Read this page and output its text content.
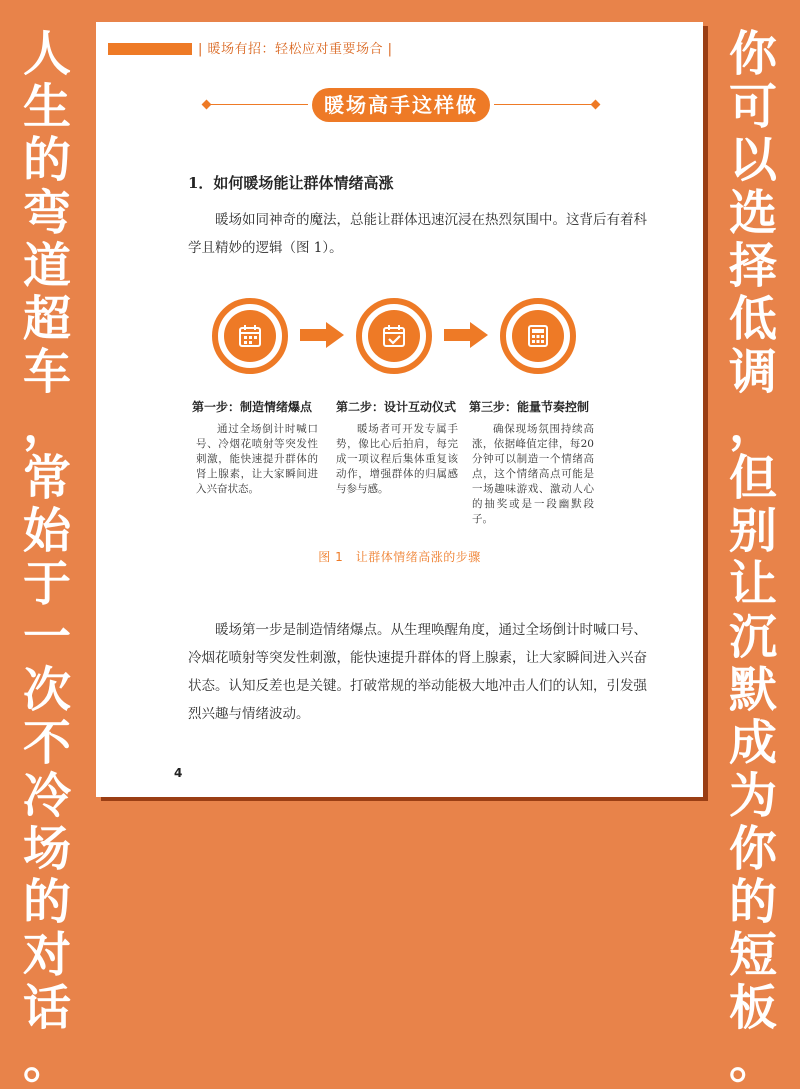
人
生
的
弯
道
超
车
，
常
始
于
一
次
不
冷
场
的
对
话
。
你
可
以
选
择
低
调
，
但
别
让
沉
默
成
为
你
的
短
板
。
| 暖场有招：轻松应对重要场合 |
暖场高手这样做
1．如何暖场能让群体情绪高涨

暖场如同神奇的魔法，总能让群体迅速沉浸在热烈氛围中。这背后有着科学且精妙的逻辑（图 1）。

第一步：制造情绪爆点 第二步：设计互动仪式 第三步：能量节奏控制

通过全场倒计时喊口号、冷烟花喷射等突发性刺激，能快速提升群体的肾上腺素，让大家瞬间进入兴奋状态。

暖场者可开发专属手势，像比心后拍肩，每完成一项议程后集体重复该动作，增强群体的归属感与参与感。

确保现场氛围持续高涨，依据峰值定律，每20分钟可以制造一个情绪高点，这个情绪高点可能是一场趣味游戏、激动人心的抽奖或是一段幽默段子。

图 1　让群体情绪高涨的步骤

暖场第一步是制造情绪爆点。从生理唤醒角度，通过全场倒计时喊口号、冷烟花喷射等突发性刺激，能快速提升群体的肾上腺素，让大家瞬间进入兴奋状态。认知反差也是关键。打破常规的举动能极大地冲击人们的认知，引发强烈兴趣与情绪波动。

4
